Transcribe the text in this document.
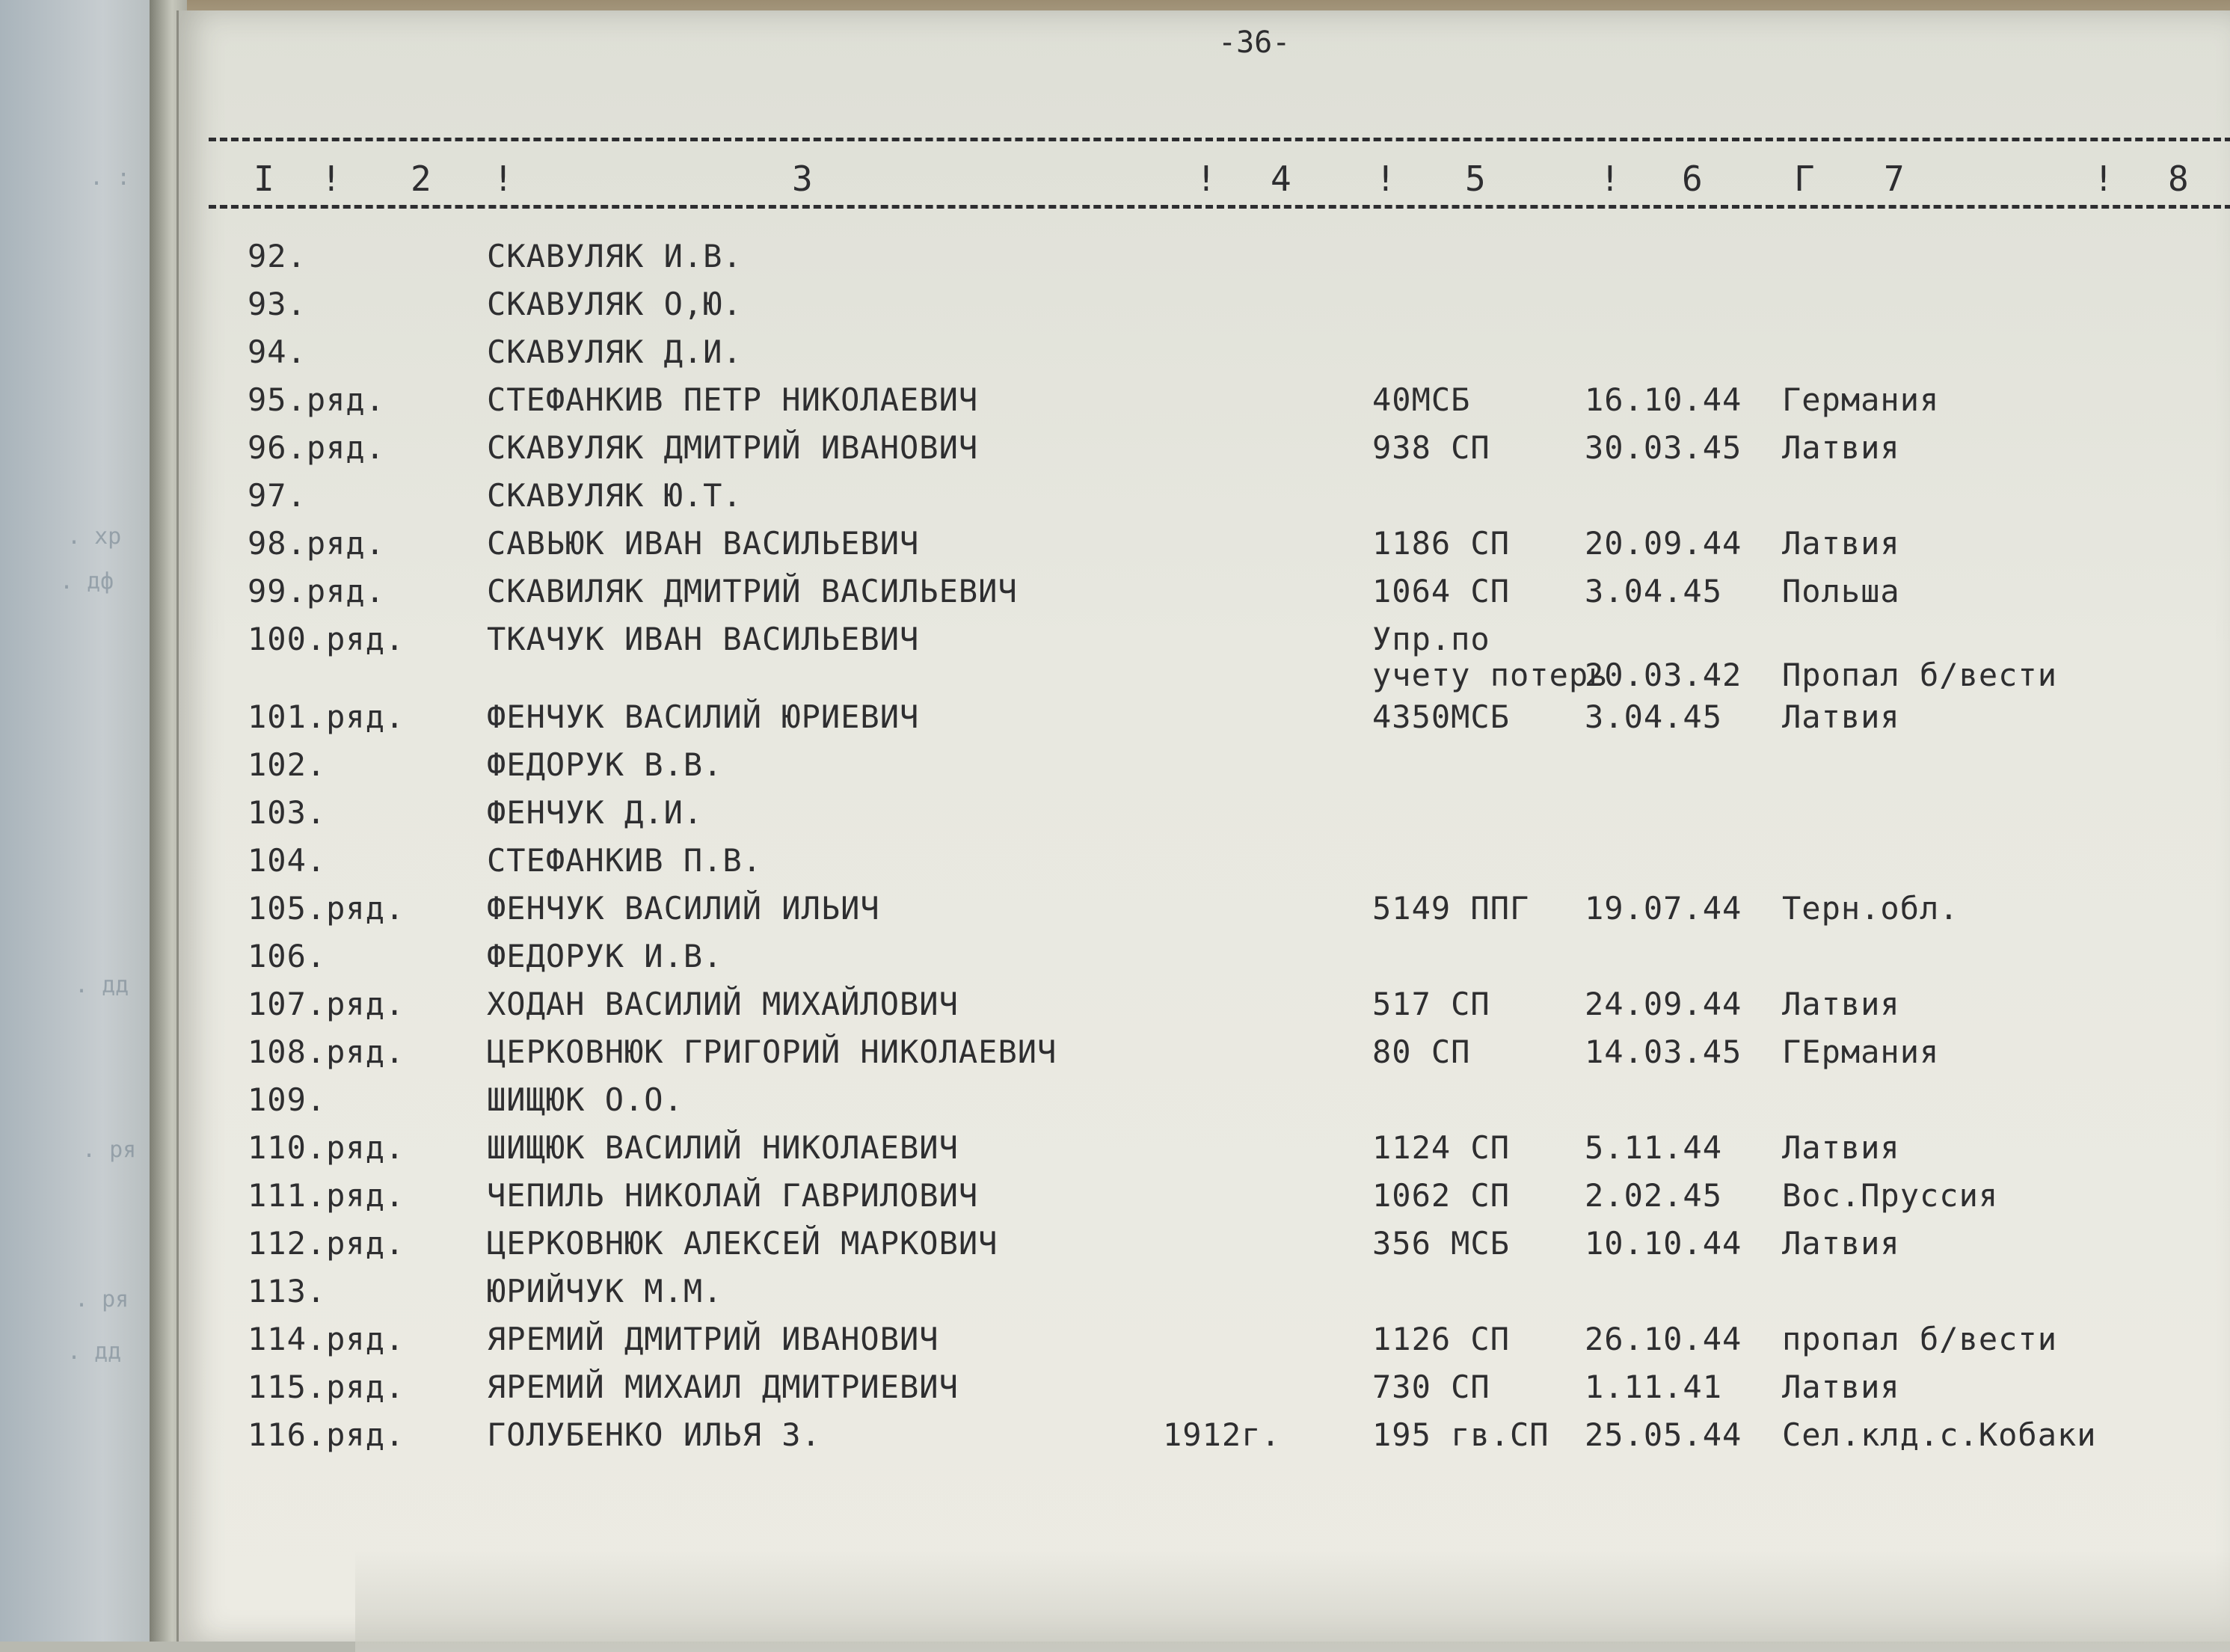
. :
. хр
. дф
. дд
. ря
. ря
. дд
-36-
I ! 2 !	3	! 4 ! 5	! 6	Г 7	! 8
92.	СКАВУЛЯК И.В.
93.	СКАВУЛЯК О,Ю.
94.	СКАВУЛЯК Д.И.
95.ряд.	СТЕФАНКИВ ПЕТР НИКОЛАЕВИЧ	40МСБ	16.10.44 Германия
96.ряд.	СКАВУЛЯК ДМИТРИЙ ИВАНОВИЧ	938 СП	30.03.45 Латвия
97.	СКАВУЛЯК Ю.Т.
98.ряд.	САВЬЮК ИВАН ВАСИЛЬЕВИЧ	1186 СП 20.09.44 Латвия
99.ряд.	СКАВИЛЯК ДМИТРИЙ ВАСИЛЬЕВИЧ	1064 СП 3.04.45 Польша
100.ряд.	ТКАЧУК ИВАН ВАСИЛЬЕВИЧ	Упр.по
учету потерь
20.03.42 Пропал б/вести
101.ряд.	ФЕНЧУК ВАСИЛИЙ ЮРИЕВИЧ	4350МСБ 3.04.45 Латвия
102.	ФЕДОРУК В.В.
103.	ФЕНЧУК Д.И.
104.	СТЕФАНКИВ П.В.
105.ряд.	ФЕНЧУК ВАСИЛИЙ ИЛЬИЧ	5149 ППГ 19.07.44 Терн.обл.
106.	ФЕДОРУК И.В.
107.ряд.	ХОДАН ВАСИЛИЙ МИХАЙЛОВИЧ	517 СП	24.09.44 Латвия
108.ряд.	ЦЕРКОВНЮК ГРИГОРИЙ НИКОЛАЕВИЧ	80 СП	14.03.45 ГЕрмания
109.	ШИЩЮК О.О.
110.ряд.	ШИЩЮК ВАСИЛИЙ НИКОЛАЕВИЧ	1124 СП 5.11.44 Латвия
111.ряд.	ЧЕПИЛЬ НИКОЛАЙ ГАВРИЛОВИЧ	1062 СП 2.02.45 Вос.Пруссия
112.ряд.	ЦЕРКОВНЮК АЛЕКСЕЙ МАРКОВИЧ	356 МСБ 10.10.44 Латвия
113.	ЮРИЙЧУК М.М.
114.ряд.	ЯРЕМИЙ ДМИТРИЙ ИВАНОВИЧ	1126 СП 26.10.44 пропал б/вести
115.ряд.	ЯРЕМИЙ МИХАИЛ ДМИТРИЕВИЧ	730 СП	1.11.41 Латвия
116.ряд.	ГОЛУБЕНКО ИЛЬЯ З.	1912г.	195 гв.СП 25.05.44 Сел.клд.с.Кобаки
